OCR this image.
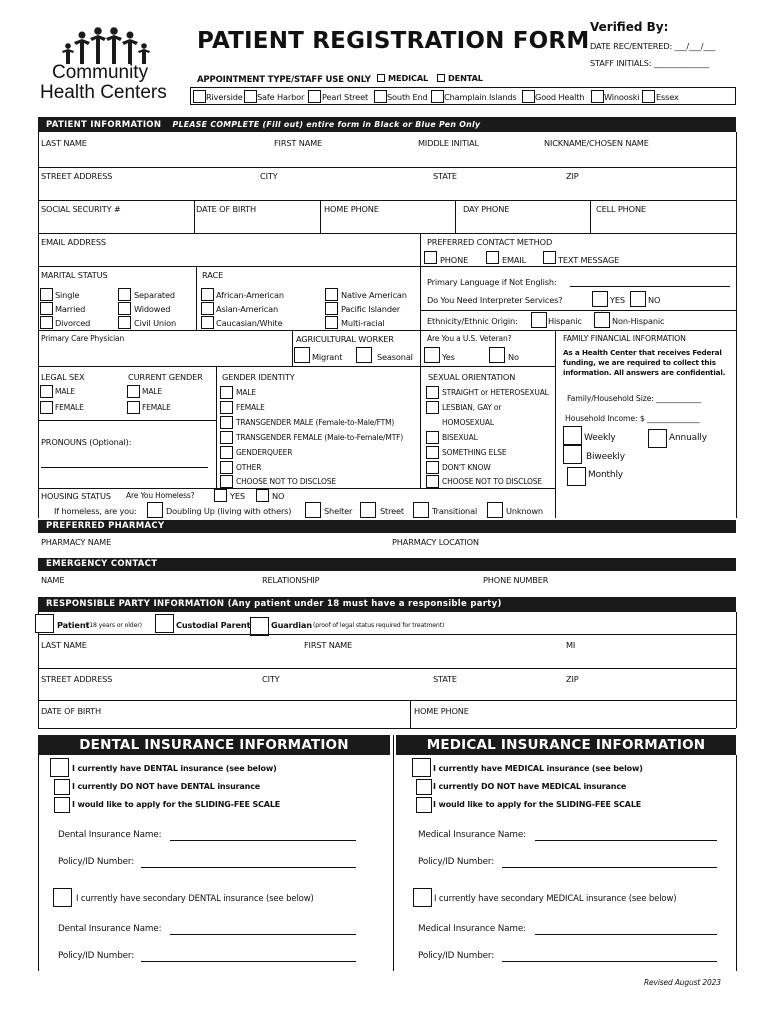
Community
Health Centers
PATIENT REGISTRATION FORM
Verified By:
DATE REC/ENTERED: ___/___/___
STAFF INITIALS: ______________
APPOINTMENT TYPE/STAFF USE ONLY MEDICAL DENTAL
Riverside Safe Harbor Pearl Street South End Champlain Islands Good Health Winooski Essex
PATIENT INFORMATION PLEASE COMPLETE (Fill out) entire form in Black or Blue Pen Only
LAST NAME	FIRST NAME	MIDDLE INITIAL	NICKNAME/CHOSEN NAME
STREET ADDRESS	CITY	STATE	ZIP
SOCIAL SECURITY #	DATE OF BIRTH	HOME PHONE	DAY PHONE	CELL PHONE
EMAIL ADDRESS	PREFERRED CONTACT METHOD
PHONE	EMAIL	TEXT MESSAGE
MARITAL STATUS	RACE
Single	Separated
Married	Widowed
Divorced	Civil Union
African-American	Native American
Asian-American	Pacific Islander
Caucasian/White	Multi-racial
Primary Language if Not English:
Do You Need Interpreter Services?	YES	NO
Ethnicity/Ethnic Origin:	Hispanic	Non-Hispanic
Primary Care Physician	AGRICULTURAL WORKER
Migrant	Seasonal
Are You a U.S. Veteran?
Yes	No
FAMILY FINANCIAL INFORMATION
As a Health Center that receives Federal
funding, we are required to collect this
information. All answers are confidential.
Family/Household Size: ____________
Household Income: $ ______________
Weekly	Annually
Biweekly
Monthly
LEGAL SEX	CURRENT GENDER
MALE	MALE
FEMALE	FEMALE
PRONOUNS (Optional):
GENDER IDENTITY
MALE
FEMALE
TRANSGENDER MALE (Female-to-Male/FTM)
TRANSGENDER FEMALE (Male-to-Female/MTF)
GENDERQUEER
OTHER
CHOOSE NOT TO DISCLOSE
SEXUAL ORIENTATION
STRAIGHT or HETEROSEXUAL
LESBIAN, GAY or
HOMOSEXUAL
BISEXUAL
SOMETHING ELSE
DON'T KNOW
CHOOSE NOT TO DISCLOSE
HOUSING STATUS Are You Homeless?	YES	NO
If homeless, are you:	Doubling Up (living with others)	Shelter	Street	Transitional	Unknown
PREFERRED PHARMACY
PHARMACY NAME	PHARMACY LOCATION
EMERGENCY CONTACT
NAME	RELATIONSHIP	PHONE NUMBER
RESPONSIBLE PARTY INFORMATION (Any patient under 18 must have a responsible party)
Patient
(18 years or older)	Custodial Parent	Guardian (proof of legal status required for treatment)
LAST NAME	FIRST NAME	MI
STREET ADDRESS	CITY	STATE	ZIP
DATE OF BIRTH	HOME PHONE
DENTAL INSURANCE INFORMATION	MEDICAL INSURANCE INFORMATION
I currently have DENTAL insurance (see below)
I currently DO NOT have DENTAL insurance
I would like to apply for the SLIDING-FEE SCALE
Dental Insurance Name:
Policy/ID Number:
I currently have secondary DENTAL insurance (see below)
Dental Insurance Name:
Policy/ID Number:
I currently have MEDICAL insurance (see below)
I currently DO NOT have MEDICAL insurance
I would like to apply for the SLIDING-FEE SCALE
Medical Insurance Name:
Policy/ID Number:
I currently have secondary MEDICAL insurance (see below)
Medical Insurance Name:
Policy/ID Number:
Revised August 2023
